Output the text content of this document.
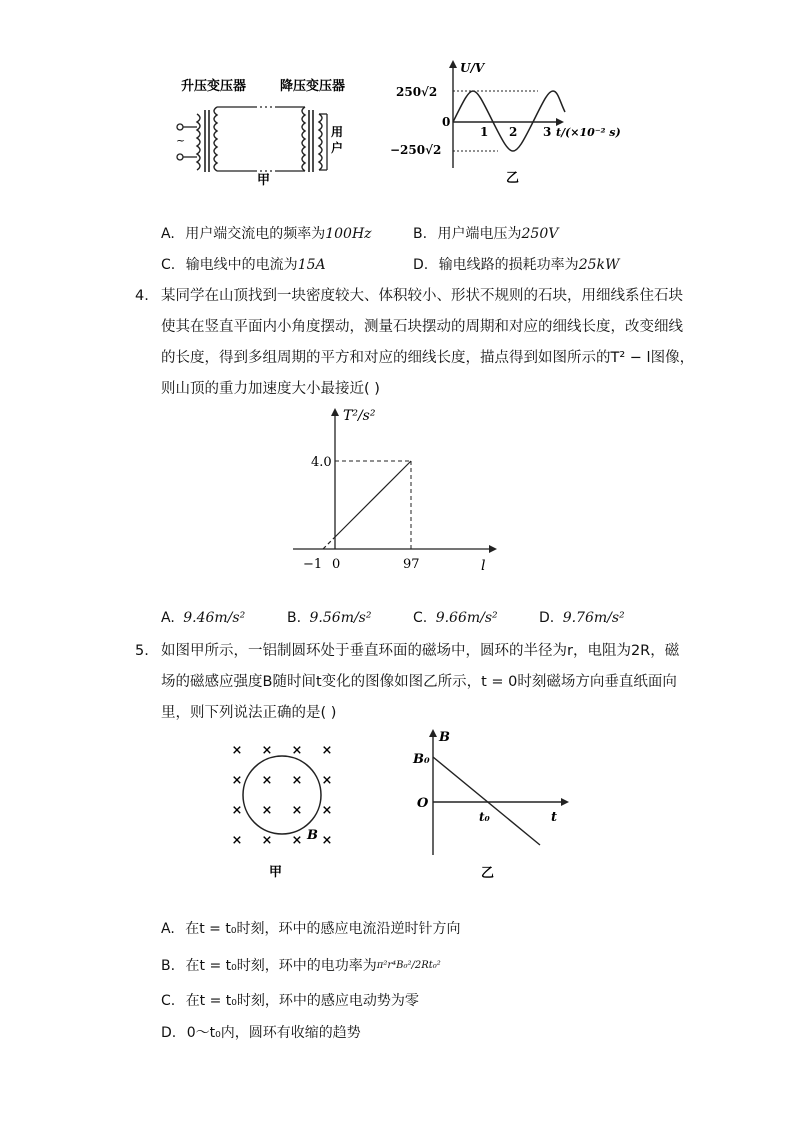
升压变压器	降压变压器
~
用
户
甲
U/V
250√2
−250√2
0
1 2 3 t/(×10⁻² s)
乙
A. 用户端交流电的频率为100Hz	B. 用户端电压为250V
C. 输电线中的电流为15A	D. 输电线路的损耗功率为25kW
4. 某同学在山顶找到一块密度较大、体积较小、形状不规则的石块，用细线系住石块
使其在竖直平面内小角度摆动，测量石块摆动的周期和对应的细线长度，改变细线
的长度，得到多组周期的平方和对应的细线长度，描点得到如图所示的T² − l图像，
则山顶的重力加速度大小最接近( )
T²/s²
4.0
−1 0	97	l
A. 9.46m/s²	B. 9.56m/s²	C. 9.66m/s²	D. 9.76m/s²
5. 如图甲所示，一铝制圆环处于垂直环面的磁场中，圆环的半径为r，电阻为2R，磁
场的磁感应强度B随时间t变化的图像如图乙所示，t = 0时刻磁场方向垂直纸面向
里，则下列说法正确的是( )
× × × ×
× × × ×
× × × ×
× × × ×
B
甲
B
B₀
O
t₀	t
乙
A. 在t = t₀时刻，环中的感应电流沿逆时针方向
B. 在t = t₀时刻，环中的电功率为π²r⁴B₀²/2Rt₀²
C. 在t = t₀时刻，环中的感应电动势为零
D. 0～t₀内，圆环有收缩的趋势
